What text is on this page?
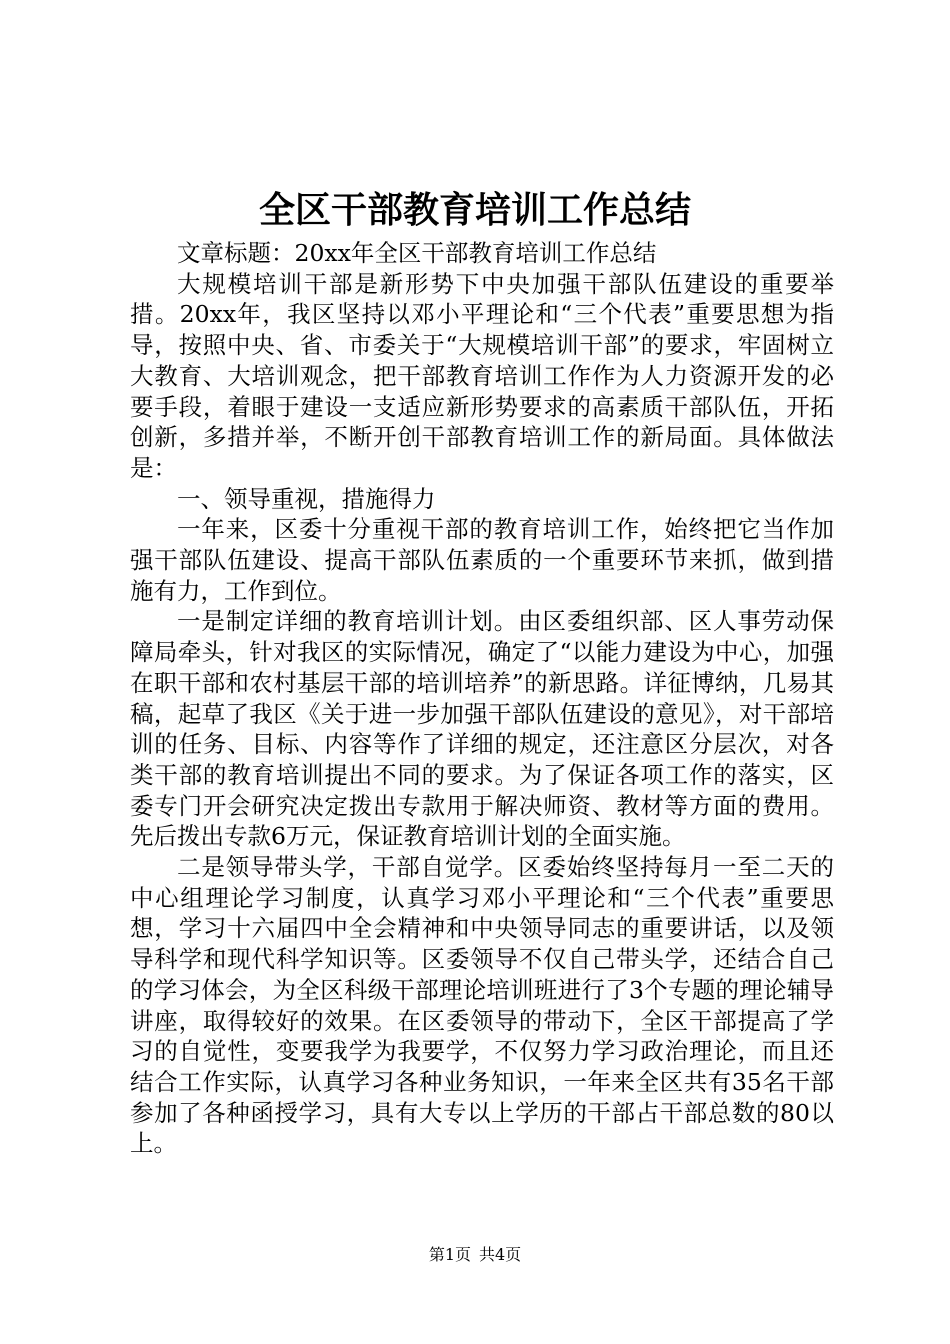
全区干部教育培训工作总结

文章标题：20xx年全区干部教育培训工作总结

大规模培训干部是新形势下中央加强干部队伍建设的重要举措。20xx年，我区坚持以邓小平理论和“三个代表”重要思想为指导，按照中央、省、市委关于“大规模培训干部”的要求，牢固树立大教育、大培训观念，把干部教育培训工作作为人力资源开发的必要手段，着眼于建设一支适应新形势要求的高素质干部队伍，开拓创新，多措并举，不断开创干部教育培训工作的新局面。具体做法是：

一、领导重视，措施得力

一年来，区委十分重视干部的教育培训工作，始终把它当作加强干部队伍建设、提高干部队伍素质的一个重要环节来抓，做到措施有力，工作到位。

一是制定详细的教育培训计划。由区委组织部、区人事劳动保障局牵头，针对我区的实际情况，确定了“以能力建设为中心，加强在职干部和农村基层干部的培训培养”的新思路。详征博纳，几易其稿，起草了我区《关于进一步加强干部队伍建设的意见》，对干部培训的任务、目标、内容等作了详细的规定，还注意区分层次，对各类干部的教育培训提出不同的要求。为了保证各项工作的落实，区委专门开会研究决定拨出专款用于解决师资、教材等方面的费用。先后拨出专款6万元，保证教育培训计划的全面实施。

二是领导带头学，干部自觉学。区委始终坚持每月一至二天的中心组理论学习制度，认真学习邓小平理论和“三个代表”重要思想，学习十六届四中全会精神和中央领导同志的重要讲话，以及领导科学和现代科学知识等。区委领导不仅自己带头学，还结合自己的学习体会，为全区科级干部理论培训班进行了3个专题的理论辅导讲座，取得较好的效果。在区委领导的带动下，全区干部提高了学习的自觉性，变要我学为我要学，不仅努力学习政治理论，而且还结合工作实际，认真学习各种业务知识，一年来全区共有35名干部参加了各种函授学习，具有大专以上学历的干部占干部总数的80以上。

第1页 共4页
